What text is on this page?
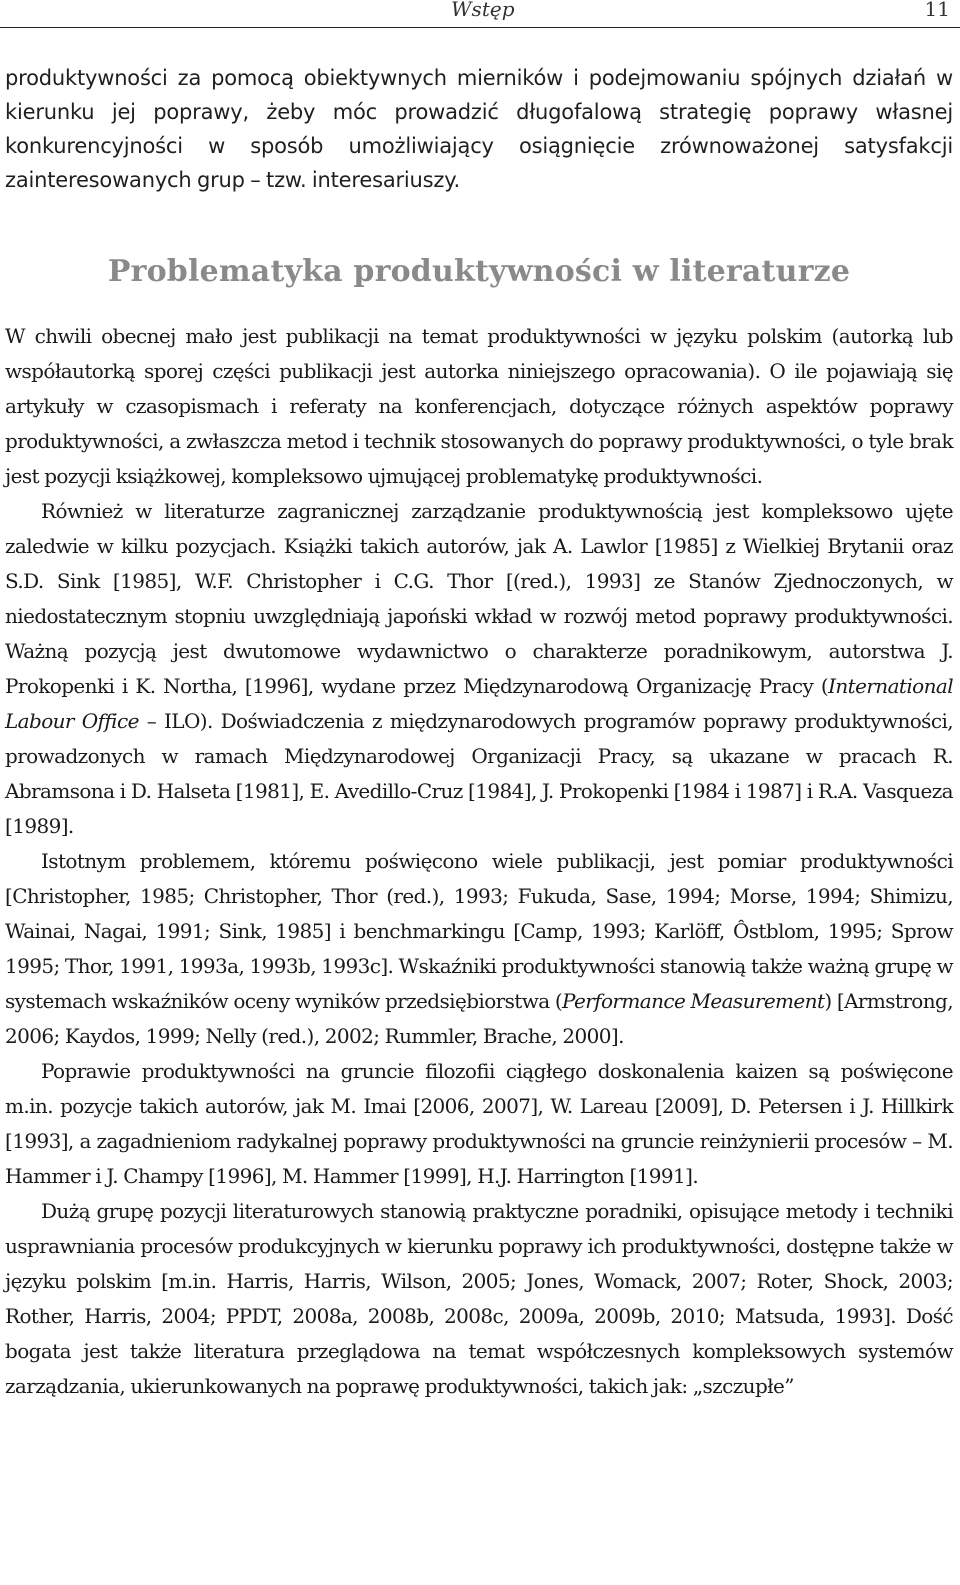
Wstęp	11

produktywności za pomocą obiektywnych mierników i podejmowaniu spójnych działań w kierunku jej poprawy, żeby móc prowadzić długofalową strategię poprawy własnej konkurencyjności w sposób umożliwiający osiągnięcie zrównoważonej satysfakcji zainteresowanych grup – tzw. interesariuszy.

Problematyka produktywności w literaturze

W chwili obecnej mało jest publikacji na temat produktywności w języku polskim (autorką lub współautorką sporej części publikacji jest autorka niniejszego opracowania). O ile pojawiają się artykuły w czasopismach i referaty na konferencjach, dotyczące różnych aspektów poprawy produktywności, a zwłaszcza metod i technik stosowanych do poprawy produktywności, o tyle brak jest pozycji książkowej, kompleksowo ujmującej problematykę produktywności.

Również w literaturze zagranicznej zarządzanie produktywnością jest kompleksowo ujęte zaledwie w kilku pozycjach. Książki takich autorów, jak A. Lawlor [1985] z Wielkiej Brytanii oraz S.D. Sink [1985], W.F. Christopher i C.G. Thor [(red.), 1993] ze Stanów Zjednoczonych, w niedostatecznym stopniu uwzględniają japoński wkład w rozwój metod poprawy produktywności. Ważną pozycją jest dwutomowe wydawnictwo o charakterze poradnikowym, autorstwa J. Prokopenki i K. Northa, [1996], wydane przez Międzynarodową Organizację Pracy (International Labour Office – ILO). Doświadczenia z międzynarodowych programów poprawy produktywności, prowadzonych w ramach Międzynarodowej Organizacji Pracy, są ukazane w pracach R. Abramsona i D. Halseta [1981], E. Avedillo-Cruz [1984], J. Prokopenki [1984 i 1987] i R.A. Vasqueza [1989].

Istotnym problemem, któremu poświęcono wiele publikacji, jest pomiar produktywności [Christopher, 1985; Christopher, Thor (red.), 1993; Fukuda, Sase, 1994; Morse, 1994; Shimizu, Wainai, Nagai, 1991; Sink, 1985] i benchmarkingu [Camp, 1993; Karlöff, Ôstblom, 1995; Sprow 1995; Thor, 1991, 1993a, 1993b, 1993c]. Wskaźniki produktywności stanowią także ważną grupę w systemach wskaźników oceny wyników przedsiębiorstwa (Performance Measurement) [Armstrong, 2006; Kaydos, 1999; Nelly (red.), 2002; Rummler, Brache, 2000].

Poprawie produktywności na gruncie filozofii ciągłego doskonalenia kaizen są poświęcone m.in. pozycje takich autorów, jak M. Imai [2006, 2007], W. Lareau [2009], D. Petersen i J. Hillkirk [1993], a zagadnieniom radykalnej poprawy produktywności na gruncie reinżynierii procesów – M. Hammer i J. Champy [1996], M. Hammer [1999], H.J. Harrington [1991].

Dużą grupę pozycji literaturowych stanowią praktyczne poradniki, opisujące metody i techniki usprawniania procesów produkcyjnych w kierunku poprawy ich produktywności, dostępne także w języku polskim [m.in. Harris, Harris, Wilson, 2005; Jones, Womack, 2007; Roter, Shock, 2003; Rother, Harris, 2004; PPDT, 2008a, 2008b, 2008c, 2009a, 2009b, 2010; Matsuda, 1993]. Dość bogata jest także literatura przeglądowa na temat współczesnych kompleksowych systemów zarządzania, ukierunkowanych na poprawę produktywności, takich jak: „szczupłe”
